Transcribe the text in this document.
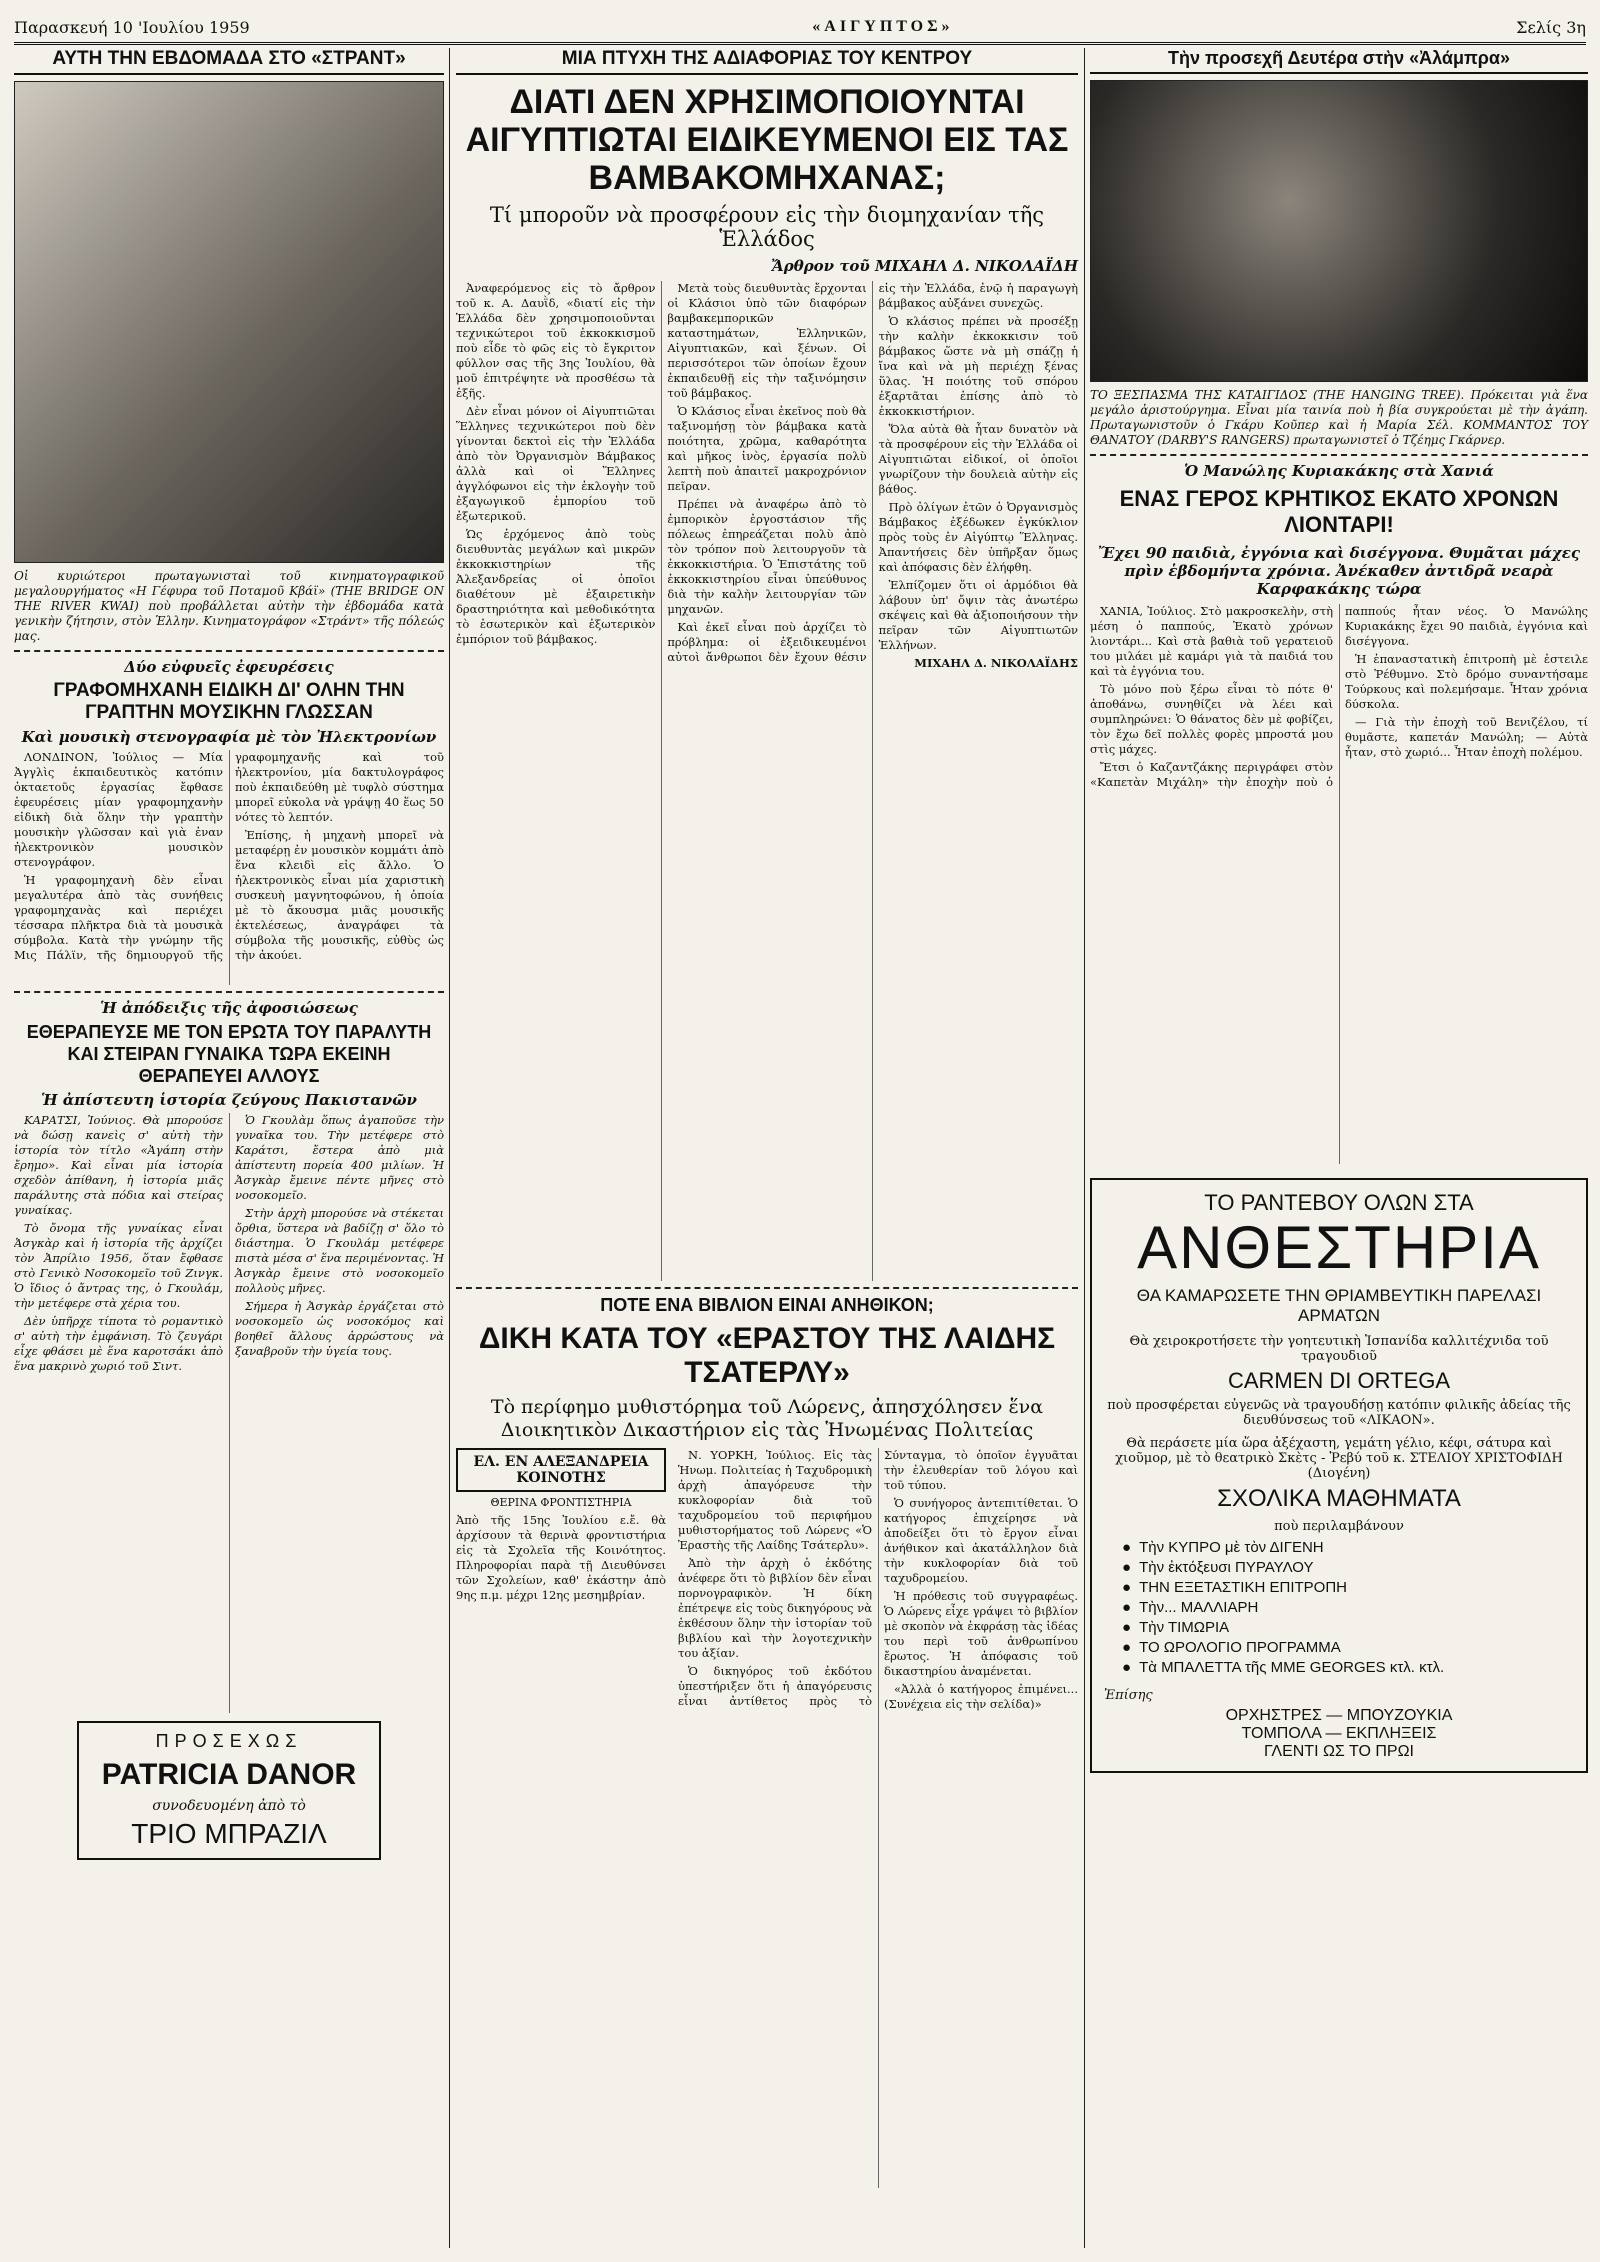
Παρασκευή 10 'Ιουλίου 1959	«ΑΙΓΥΠΤΟΣ»	Σελίς 3η
ΑΥΤΗ ΤΗΝ ΕΒΔΟΜΑΔΑ ΣΤΟ «ΣΤΡΑΝΤ»
Οἱ κυριώτεροι πρωταγωνισταὶ τοῦ κινηματογραφικοῦ μεγαλουργήματος «Η Γέφυρα τοῦ Ποταμοῦ Κβάϊ» (THE BRIDGE ON THE RIVER KWAI) ποὺ προβάλλεται αὐτὴν τὴν ἑβδομάδα κατὰ γενικὴν ζήτησιν, στὸν Ἑλλην. Κινηματογράφον «Στράντ» τῆς πόλεώς μας.
Δύο εὐφυεῖς ἐφευρέσεις
ΓΡΑΦΟΜΗΧΑΝΗ ΕΙΔΙΚΗ ΔΙ' ΟΛΗΝ ΤΗΝ ΓΡΑΠΤΗΝ ΜΟΥΣΙΚΗΝ ΓΛΩΣΣΑΝ
Καὶ μουσικὴ στενογραφία μὲ τὸν Ἠλεκτρονίων

ΛΟΝΔΙΝΟΝ, Ἰούλιος — Μία Ἀγγλὶς ἐκπαιδευτικὸς κατόπιν ὀκταετοῦς ἐργασίας ἔφθασε ἑφευρέσεις μίαν γραφομηχανὴν εἰδικὴ διὰ ὅλην τὴν γραπτὴν μουσικὴν γλῶσσαν καὶ γιὰ ἐναν ἠλεκτρονικὸν μουσικὸν στενογράφον.

Ἡ γραφομηχανὴ δὲν εἶναι μεγαλυτέρα ἀπὸ τὰς συνήθεις γραφομηχανὰς καὶ περιέχει τέσσαρα πλῆκτρα διὰ τὰ μουσικὰ σύμβολα. Κατὰ τὴν γνώμην τῆς Μις Πάλϊν, τῆς δημιουργοῦ τῆς γραφομηχανῆς καὶ τοῦ ἠλεκτρονίου, μία δακτυλογράφος ποὺ ἐκπαιδεύθη μὲ τυφλὸ σύστημα μπορεῖ εὐκολα νὰ γράψῃ 40 ἕως 50 νότες τὸ λεπτόν.

Ἐπίσης, ἡ μηχανὴ μπορεῖ νὰ μεταφέρῃ ἐν μουσικὸν κομμάτι ἀπὸ ἕνα κλειδὶ εἰς ἄλλο. Ὁ ἠλεκτρονικὸς εἶναι μία χαριστικὴ συσκευὴ μαγνητοφώνου, ἡ ὁποία μὲ τὸ ἄκουσμα μιᾶς μουσικῆς ἐκτελέσεως, ἀναγράφει τὰ σύμβολα τῆς μουσικῆς, εὐθὺς ὡς τὴν ἀκούει.

Ἡ ἀπόδειξις τῆς ἀφοσιώσεως
ΕΘΕΡΑΠΕΥΣΕ ΜΕ ΤΟΝ ΕΡΩΤΑ ΤΟΥ ΠΑΡΑΛΥΤΗ ΚΑΙ ΣΤΕΙΡΑΝ ΓΥΝΑΙΚΑ ΤΩΡΑ ΕΚΕΙΝΗ ΘΕΡΑΠΕΥΕΙ ΑΛΛΟΥΣ
Ἡ ἀπίστευτη ἱστορία ζεύγους Πακιστανῶν

ΚΑΡΑΤΣΙ, Ἰούνιος. Θὰ μπορούσε νὰ δώσῃ κανεὶς σ' αὐτὴ τὴν ἱστορία τὸν τίτλο «Ἀγάπη στὴν ἔρημο». Καὶ εἶναι μία ἱστορία σχεδὸν ἀπίθανη, ἡ ἱστορία μιᾶς παράλυτης στὰ πόδια καὶ στείρας γυναίκας.

Τὸ ὄνομα τῆς γυναίκας εἶναι Ἀσγκὰρ καὶ ἡ ἱστορία τῆς ἀρχίζει τὸν Ἀπρίλιο 1956, ὅταν ἔφθασε στὸ Γενικὸ Νοσοκομεῖο τοῦ Ζινγκ. Ὁ ἴδιος ὁ ἄντρας της, ὁ Γκουλάμ, τὴν μετέφερε στὰ χέρια του.

Δὲν ὑπῆρχε τίποτα τὸ ρομαντικὸ σ' αὐτὴ τὴν ἐμφάνιση. Τὸ ζευγάρι εἶχε φθάσει μὲ ἕνα καροτσάκι ἀπὸ ἕνα μακρινὸ χωριό τοῦ Σιντ.

Ὁ Γκουλὰμ ὅπως ἀγαποῦσε τὴν γυναῖκα του. Τὴν μετέφερε στὸ Καράτσι, ἔστερα ἀπὸ μιὰ ἀπίστευτη πορεία 400 μιλίων. Ἡ Ἀσγκὰρ ἔμεινε πέντε μῆνες στὸ νοσοκομεῖο.

Στὴν ἀρχὴ μπορούσε νὰ στέκεται ὄρθια, ὕστερα νὰ βαδίζῃ σ' ὅλο τὸ διάστημα. Ὁ Γκουλάμ μετέφερε πιστὰ μέσα σ' ἕνα περιμένοντας. Ἡ Ἀσγκὰρ ἔμεινε στὸ νοσοκομεῖο πολλοὺς μῆνες.

Σήμερα ἡ Ἀσγκὰρ ἐργάζεται στὸ νοσοκομεῖο ὡς νοσοκόμος καὶ βοηθεῖ ἄλλους ἀρρώστους νὰ ξαναβροῦν τὴν ὑγεία τους.

ΠΡΟΣΕΧΩΣ
PATRICIA DANOR
συνοδευομένη ἀπὸ τὸ
ΤΡΙΟ ΜΠΡΑΖΙΛ
ΜΙΑ ΠΤΥΧΗ ΤΗΣ ΑΔΙΑΦΟΡΙΑΣ ΤΟΥ ΚΕΝΤΡΟΥ
ΔΙΑΤΙ ΔΕΝ ΧΡΗΣΙΜΟΠΟΙΟΥΝΤΑΙ ΑΙΓΥΠΤΙΩΤΑΙ ΕΙΔΙΚΕΥΜΕΝΟΙ ΕΙΣ ΤΑΣ ΒΑΜΒΑΚΟΜΗΧΑΝΑΣ;
Τί μποροῦν νὰ προσφέρουν εἰς τὴν διομηχανίαν τῆς Ἑλλάδος
Ἄρθρον τοῦ ΜΙΧΑΗΛ Δ. ΝΙΚΟΛΑΪΔΗ

Ἀναφερόμενος εἰς τὸ ἄρθρον τοῦ κ. Α. Δαυῒδ, «διατί εἰς τὴν Ἑλλάδα δὲν χρησιμοποιοῦνται τεχνικώτεροι τοῦ ἐκκοκκισμοῦ ποὺ εἶδε τὸ φῶς εἰς τὸ ἔγκριτον φύλλον σας τῆς 3ης Ἰουλίου, θὰ μοῦ ἐπιτρέψητε νὰ προσθέσω τὰ ἑξῆς.

Δὲν εἶναι μόνον οἱ Αἰγυπτιῶται Ἕλληνες τεχνικώτεροι ποὺ δὲν γίνονται δεκτοὶ εἰς τὴν Ἑλλάδα ἀπὸ τὸν Ὀργανισμὸν Βάμβακος ἀλλὰ καὶ οἱ Ἕλληνες ἀγγλόφωνοι εἰς τὴν ἐκλογὴν τοῦ ἐξαγωγικοῦ ἐμπορίου τοῦ ἐξωτερικοῦ.

Ὡς ἐρχόμενος ἀπὸ τοὺς διευθυντὰς μεγάλων καὶ μικρῶν ἐκκοκκιστηρίων τῆς Ἀλεξανδρείας οἱ ὁποῖοι διαθέτουν μὲ ἐξαιρετικὴν δραστηριότητα καὶ μεθοδικότητα τὸ ἐσωτερικὸν καὶ ἐξωτερικὸν ἐμπόριον τοῦ βάμβακος.

Μετὰ τοὺς διευθυντὰς ἔρχονται οἱ Κλάσιοι ὑπὸ τῶν διαφόρων βαμβακεμπορικῶν καταστημάτων, Ἑλληνικῶν, Αἰγυπτιακῶν, καὶ ξένων. Οἱ περισσότεροι τῶν ὁποίων ἔχουν ἐκπαιδευθῇ εἰς τὴν ταξινόμησιν τοῦ βάμβακος.

Ὁ Κλάσιος εἶναι ἐκεῖνος ποὺ θὰ ταξινομήσῃ τὸν βάμβακα κατὰ ποιότητα, χρῶμα, καθαρότητα καὶ μῆκος ἰνὸς, ἐργασία πολὺ λεπτὴ ποὺ ἀπαιτεῖ μακροχρόνιον πεῖραν.

Πρέπει νὰ ἀναφέρω ἀπὸ τὸ ἐμπορικὸν ἐργοστάσιον τῆς πόλεως ἐπηρεάζεται πολὺ ἀπὸ τὸν τρόπον ποὺ λειτουργοῦν τὰ ἐκκοκκιστήρια. Ὁ Ἐπιστάτης τοῦ ἐκκοκκιστηρίου εἶναι ὑπεύθυνος διὰ τὴν καλὴν λειτουργίαν τῶν μηχανῶν.

Καὶ ἐκεῖ εἶναι ποὺ ἀρχίζει τὸ πρόβλημα: οἱ ἐξειδικευμένοι αὐτοὶ ἄνθρωποι δὲν ἔχουν θέσιν εἰς τὴν Ἑλλάδα, ἐνῷ ἡ παραγωγὴ βάμβακος αὐξάνει συνεχῶς.

Ὁ κλάσιος πρέπει νὰ προσέξῃ τὴν καλὴν ἐκκοκκισιν τοῦ βάμβακος ὥστε νὰ μὴ σπάζῃ ἡ ἴνα καὶ νὰ μὴ περιέχῃ ξένας ὕλας. Ἡ ποιότης τοῦ σπόρου ἐξαρτᾶται ἐπίσης ἀπὸ τὸ ἐκκοκκιστήριον.

Ὅλα αὐτὰ θὰ ἦταν δυνατὸν νὰ τὰ προσφέρουν εἰς τὴν Ἑλλάδα οἱ Αἰγυπτιῶται εἰδικοί, οἱ ὁποῖοι γνωρίζουν τὴν δουλειὰ αὐτὴν εἰς βάθος.

Πρὸ ὀλίγων ἐτῶν ὁ Ὀργανισμὸς Βάμβακος ἐξέδωκεν ἐγκύκλιον πρὸς τοὺς ἐν Αἰγύπτῳ Ἕλληνας. Ἀπαντήσεις δὲν ὑπῆρξαν ὅμως καὶ ἀπόφασις δὲν ἐλήφθη.

Ἐλπίζομεν ὅτι οἱ ἁρμόδιοι θὰ λάβουν ὑπ' ὄψιν τὰς ἀνωτέρω σκέψεις καὶ θὰ ἀξιοποιήσουν τὴν πεῖραν τῶν Αἰγυπτιωτῶν Ἑλλήνων.

ΜΙΧΑΗΛ Δ. ΝΙΚΟΛΑΪΔΗΣ

ΠΟΤΕ ΕΝΑ ΒΙΒΛΙΟΝ ΕΙΝΑΙ ΑΝΗΘΙΚΟΝ;
ΔΙΚΗ ΚΑΤΑ ΤΟΥ «ΕΡΑΣΤΟΥ ΤΗΣ ΛΑΙΔΗΣ ΤΣΑΤΕΡΛΥ»
Τὸ περίφημο μυθιστόρημα τοῦ Λώρενς, ἀπησχόλησεν ἕνα Διοικητικὸν Δικαστήριον εἰς τὰς Ἡνωμένας Πολιτείας
ΕΛ. ΕΝ ΑΛΕΞΑΝΔΡΕΙΑ ΚΟΙΝΟΤΗΣ
ΘΕΡΙΝΑ ΦΡΟΝΤΙΣΤΗΡΙΑ
Ἀπὸ τῆς 15ης Ἰουλίου ε.ἔ. θὰ ἀρχίσουν τὰ θερινὰ φροντιστήρια εἰς τὰ Σχολεῖα τῆς Κοινότητος. Πληροφορίαι παρὰ τῇ Διευθύνσει τῶν Σχολείων, καθ' ἑκάστην ἀπὸ 9ης π.μ. μέχρι 12ης μεσημβρίαν.

Ν. ΥΟΡΚΗ, Ἰούλιος. Εἰς τὰς Ἡνωμ. Πολιτείας ἡ Ταχυδρομικὴ ἀρχὴ ἀπαγόρευσε τὴν κυκλοφορίαν διὰ τοῦ ταχυδρομείου τοῦ περιφήμου μυθιστορήματος τοῦ Λώρενς «Ὁ Ἐραστὴς τῆς Λαίδης Τσάτερλυ».

Ἀπὸ τὴν ἀρχὴ ὁ ἐκδότης ἀνέφερε ὅτι τὸ βιβλίον δὲν εἶναι πορνογραφικὸν. Ἡ δίκη ἐπέτρεψε εἰς τοὺς δικηγόρους νὰ ἐκθέσουν ὅλην τὴν ἱστορίαν τοῦ βιβλίου καὶ τὴν λογοτεχνικὴν του ἀξίαν.

Ὁ δικηγόρος τοῦ ἐκδότου ὑπεστήριξεν ὅτι ἡ ἀπαγόρευσις εἶναι ἀντίθετος πρὸς τὸ Σύνταγμα, τὸ ὁποῖον ἐγγυᾶται τὴν ἐλευθερίαν τοῦ λόγου καὶ τοῦ τύπου.

Ὁ συνήγορος ἀντεπιτίθεται. Ὁ κατήγορος ἐπιχείρησε νὰ ἀποδείξει ὅτι τὸ ἔργον εἶναι ἀνήθικον καὶ ἀκατάλληλον διὰ τὴν κυκλοφορίαν διὰ τοῦ ταχυδρομείου.

Ἡ πρόθεσις τοῦ συγγραφέως. Ὁ Λώρενς εἶχε γράψει τὸ βιβλίον μὲ σκοπὸν νὰ ἐκφράσῃ τὰς ἰδέας του περὶ τοῦ ἀνθρωπίνου ἔρωτος. Ἡ ἀπόφασις τοῦ δικαστηρίου ἀναμένεται.

«Ἀλλὰ ὁ κατήγορος ἐπιμένει... (Συνέχεια εἰς τὴν σελίδα)»

Τὴν προσεχῆ Δευτέρα στὴν «Ἀλάμπρα»
ΤΟ ΞΕΣΠΑΣΜΑ ΤΗΣ ΚΑΤΑΙΓΙΔΟΣ (THE HANGING TREE). Πρόκειται γιὰ ἕνα μεγάλο ἀριστούργημα. Εἶναι μία ταινία ποὺ ἡ βία συγκρούεται μὲ τὴν ἀγάπη. Πρωταγωνιστοῦν ὁ Γκάρυ Κοῦπερ καὶ ἡ Μαρία Σέλ. ΚΟΜΜΑΝΤΟΣ ΤΟΥ ΘΑΝΑΤΟΥ (DARBY'S RANGERS) πρωταγωνιστεῖ ὁ Τζέημς Γκάρνερ.
Ὁ Μανώλης Κυριακάκης στὰ Χανιά
ΕΝΑΣ ΓΕΡΟΣ ΚΡΗΤΙΚΟΣ ΕΚΑΤΟ ΧΡΟΝΩΝ ΛΙΟΝΤΑΡΙ!
Ἔχει 90 παιδιὰ, ἐγγόνια καὶ δισέγγονα. Θυμᾶται μάχες πρὶν ἑβδομήντα χρόνια. Ἀνέκαθεν ἀντιδρᾶ νεαρὰ Καρφακάκης τώρα

ΧΑΝΙΑ, Ἰούλιος. Στὸ μακροσκελὴν, στὴ μέση ὁ παππούς, Ἑκατὸ χρόνων λιοντάρι... Καὶ στὰ βαθιὰ τοῦ γερατειοῦ του μιλάει μὲ καμάρι γιὰ τὰ παιδιά του καὶ τὰ ἐγγόνια του.

Τὸ μόνο ποὺ ξέρω εἶναι τὸ πότε θ' ἀποθάνω, συνηθίζει νὰ λέει καὶ συμπληρώνει: Ὁ θάνατος δὲν μὲ φοβίζει, τὸν ἔχω δεῖ πολλὲς φορὲς μπροστά μου στὶς μάχες.

Ἔτσι ὁ Καζαντζάκης περιγράφει στὸν «Καπετὰν Μιχάλη» τὴν ἐποχὴν ποὺ ὁ παππούς ἦταν νέος. Ὁ Μανώλης Κυριακάκης ἔχει 90 παιδιὰ, ἐγγόνια καὶ δισέγγονα.

Ἡ ἐπαναστατικὴ ἐπιτροπὴ μὲ ἐστειλε στὸ Ῥέθυμνο. Στὸ δρόμο συναντήσαμε Τούρκους καὶ πολεμήσαμε. Ἦταν χρόνια δύσκολα.

— Γιὰ τὴν ἐποχὴ τοῦ Βενιζέλου, τί θυμᾶστε, καπετάν Μανώλη; — Αὐτὰ ἦταν, στὸ χωριό... Ἦταν ἐποχὴ πολέμου.

ΤΟ ΡΑΝΤΕΒΟΥ ΟΛΩΝ ΣΤΑ
ΑΝΘΕΣΤΗΡΙΑ
ΘΑ ΚΑΜΑΡΩΣΕΤΕ ΤΗΝ ΘΡΙΑΜΒΕΥΤΙΚΗ ΠΑΡΕΛΑΣΙ ΑΡΜΑΤΩΝ
Θὰ χειροκροτήσετε τὴν γοητευτικὴ Ἱσπανίδα καλλιτέχνιδα τοῦ τραγουδιοῦ
CARMEN DI ORTEGA
ποὺ προσφέρεται εὐγενῶς νὰ τραγουδήσῃ κατόπιν φιλικῆς ἀδείας τῆς διευθύνσεως τοῦ «ΛΙΚΑΟΝ».
Θὰ περάσετε μία ὥρα ἀξέχαστη, γεμάτη γέλιο, κέφι, σάτυρα καὶ χιοῦμορ, μὲ τὸ θεατρικὸ Σκὲτς - Ῥεβύ τοῦ κ. ΣΤΕΛΙΟΥ ΧΡΙΣΤΟΦΙΔΗ (Διογένη)
ΣΧΟΛΙΚΑ ΜΑΘΗΜΑΤΑ
ποὺ περιλαμβάνουν
● Τὴν ΚΥΠΡΟ μὲ τὸν ΔΙΓΕΝΗ
● Τὴν ἐκτόξευσι ΠΥΡΑΥΛΟΥ
● ΤΗΝ ΕΞΕΤΑΣΤΙΚΗ ΕΠΙΤΡΟΠΗ
● Τὴν... ΜΑΛΛΙΑΡΗ
● Τὴν ΤΙΜΩΡΙΑ
● ΤΟ ΩΡΟΛΟΓΙΟ ΠΡΟΓΡΑΜΜΑ
● Τὰ ΜΠΑΛΕΤΤΑ τῆς ΜΜΕ GEORGES κτλ. κτλ.
Ἐπίσης
ΟΡΧΗΣΤΡΕΣ — ΜΠΟΥΖΟΥΚΙΑ
ΤΟΜΠΟΛΑ — ΕΚΠΛΗΞΕΙΣ
ΓΛΕΝΤΙ ΩΣ ΤΟ ΠΡΩΙ
